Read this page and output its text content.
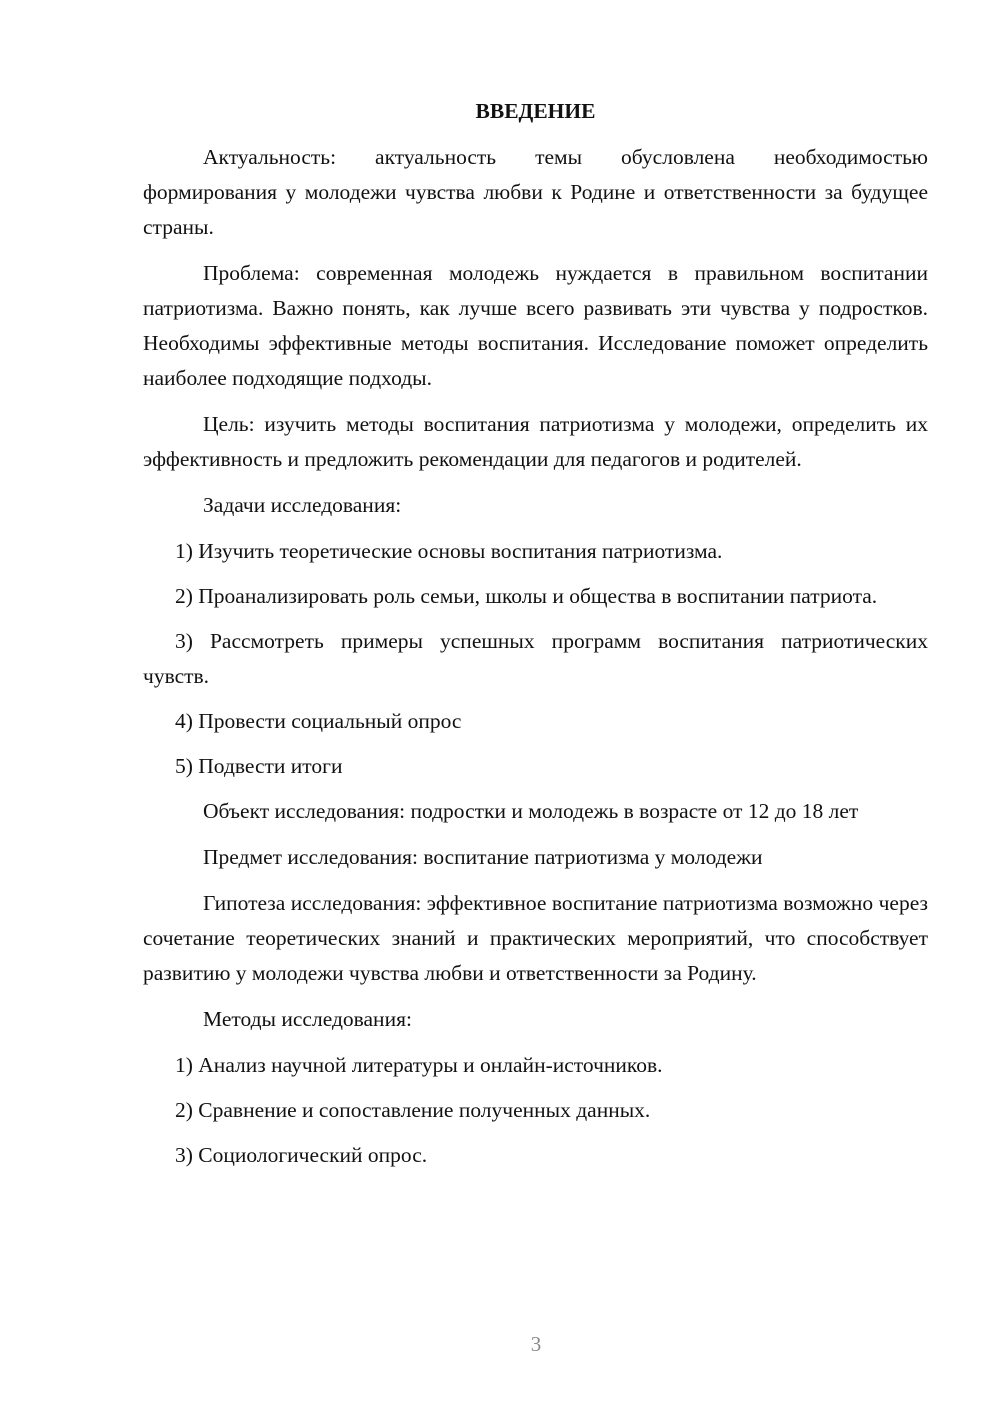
ВВЕДЕНИЕ
Актуальность: актуальность темы обусловлена необходимостью формирования у молодежи чувства любви к Родине и ответственности за будущее страны.
Проблема: современная молодежь нуждается в правильном воспитании патриотизма. Важно понять, как лучше всего развивать эти чувства у подростков. Необходимы эффективные методы воспитания. Исследование поможет определить наиболее подходящие подходы.
Цель: изучить методы воспитания патриотизма у молодежи, определить их эффективность и предложить рекомендации для педагогов и родителей.
Задачи исследования:
1) Изучить теоретические основы воспитания патриотизма.
2) Проанализировать роль семьи, школы и общества в воспитании патриота.
3) Рассмотреть примеры успешных программ воспитания патриотических чувств.
4) Провести социальный опрос
5) Подвести итоги
Объект исследования: подростки и молодежь в возрасте от 12 до 18 лет
Предмет исследования: воспитание патриотизма у молодежи
Гипотеза исследования: эффективное воспитание патриотизма возможно через сочетание теоретических знаний и практических мероприятий, что способствует развитию у молодежи чувства любви и ответственности за Родину.
Методы исследования:
1) Анализ научной литературы и онлайн-источников.
2) Сравнение и сопоставление полученных данных.
3) Социологический опрос.
3
